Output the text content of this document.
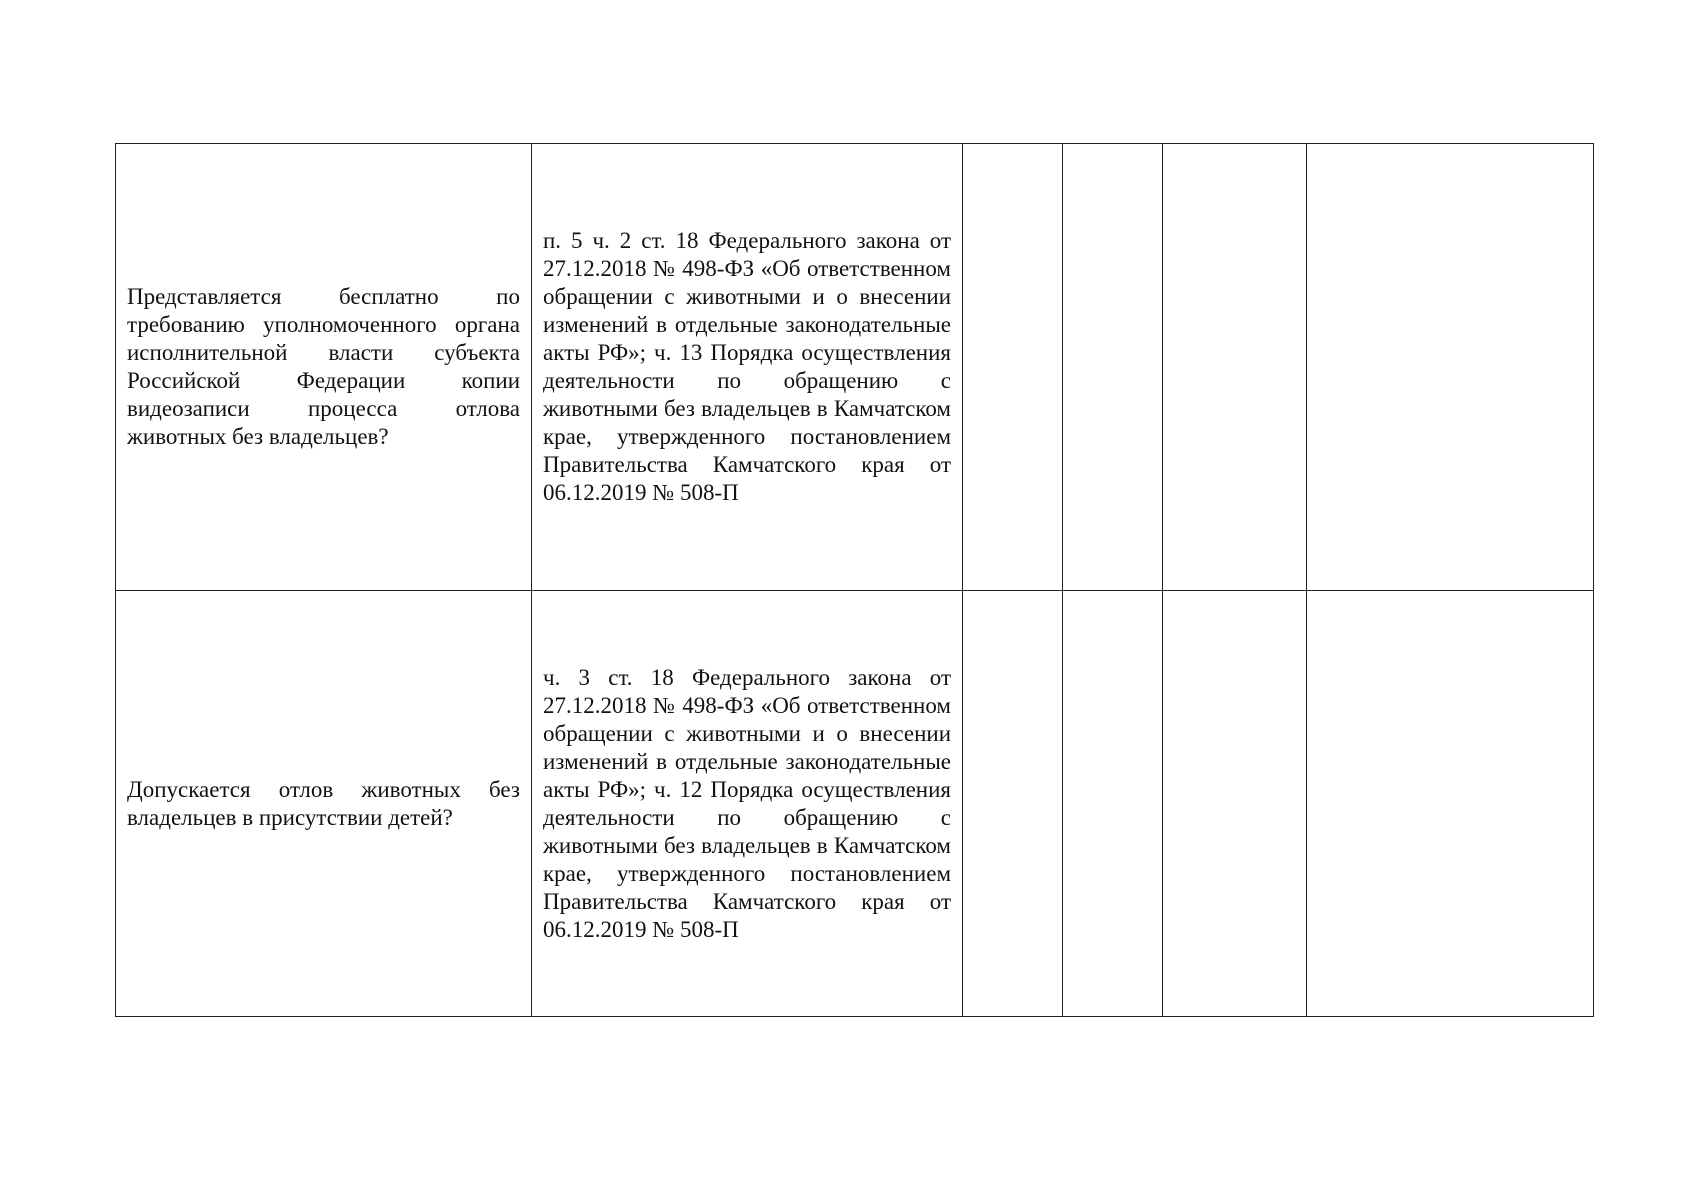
Представляется бесплатно по требованию уполномоченного органа исполнительной власти субъекта Российской Федерации копии видеозаписи процесса отлова животных без владельцев?	п. 5 ч. 2 ст. 18 Федерального закона от 27.12.2018 № 498-ФЗ «Об ответственном обращении с животными и о внесении изменений в отдельные законодательные акты РФ»; ч. 13 Порядка осуществления деятельности по обращению с животными без владельцев в Камчатском крае, утвержденного постановлением Правительства Камчатского края от 06.12.2019 № 508-П				

Допускается отлов животных без владельцев в присутствии детей?	ч. 3 ст. 18 Федерального закона от 27.12.2018 № 498-ФЗ «Об ответственном обращении с животными и о внесении изменений в отдельные законодательные акты РФ»; ч. 12 Порядка осуществления деятельности по обращению с животными без владельцев в Камчатском крае, утвержденного постановлением Правительства Камчатского края от 06.12.2019 № 508-П				
